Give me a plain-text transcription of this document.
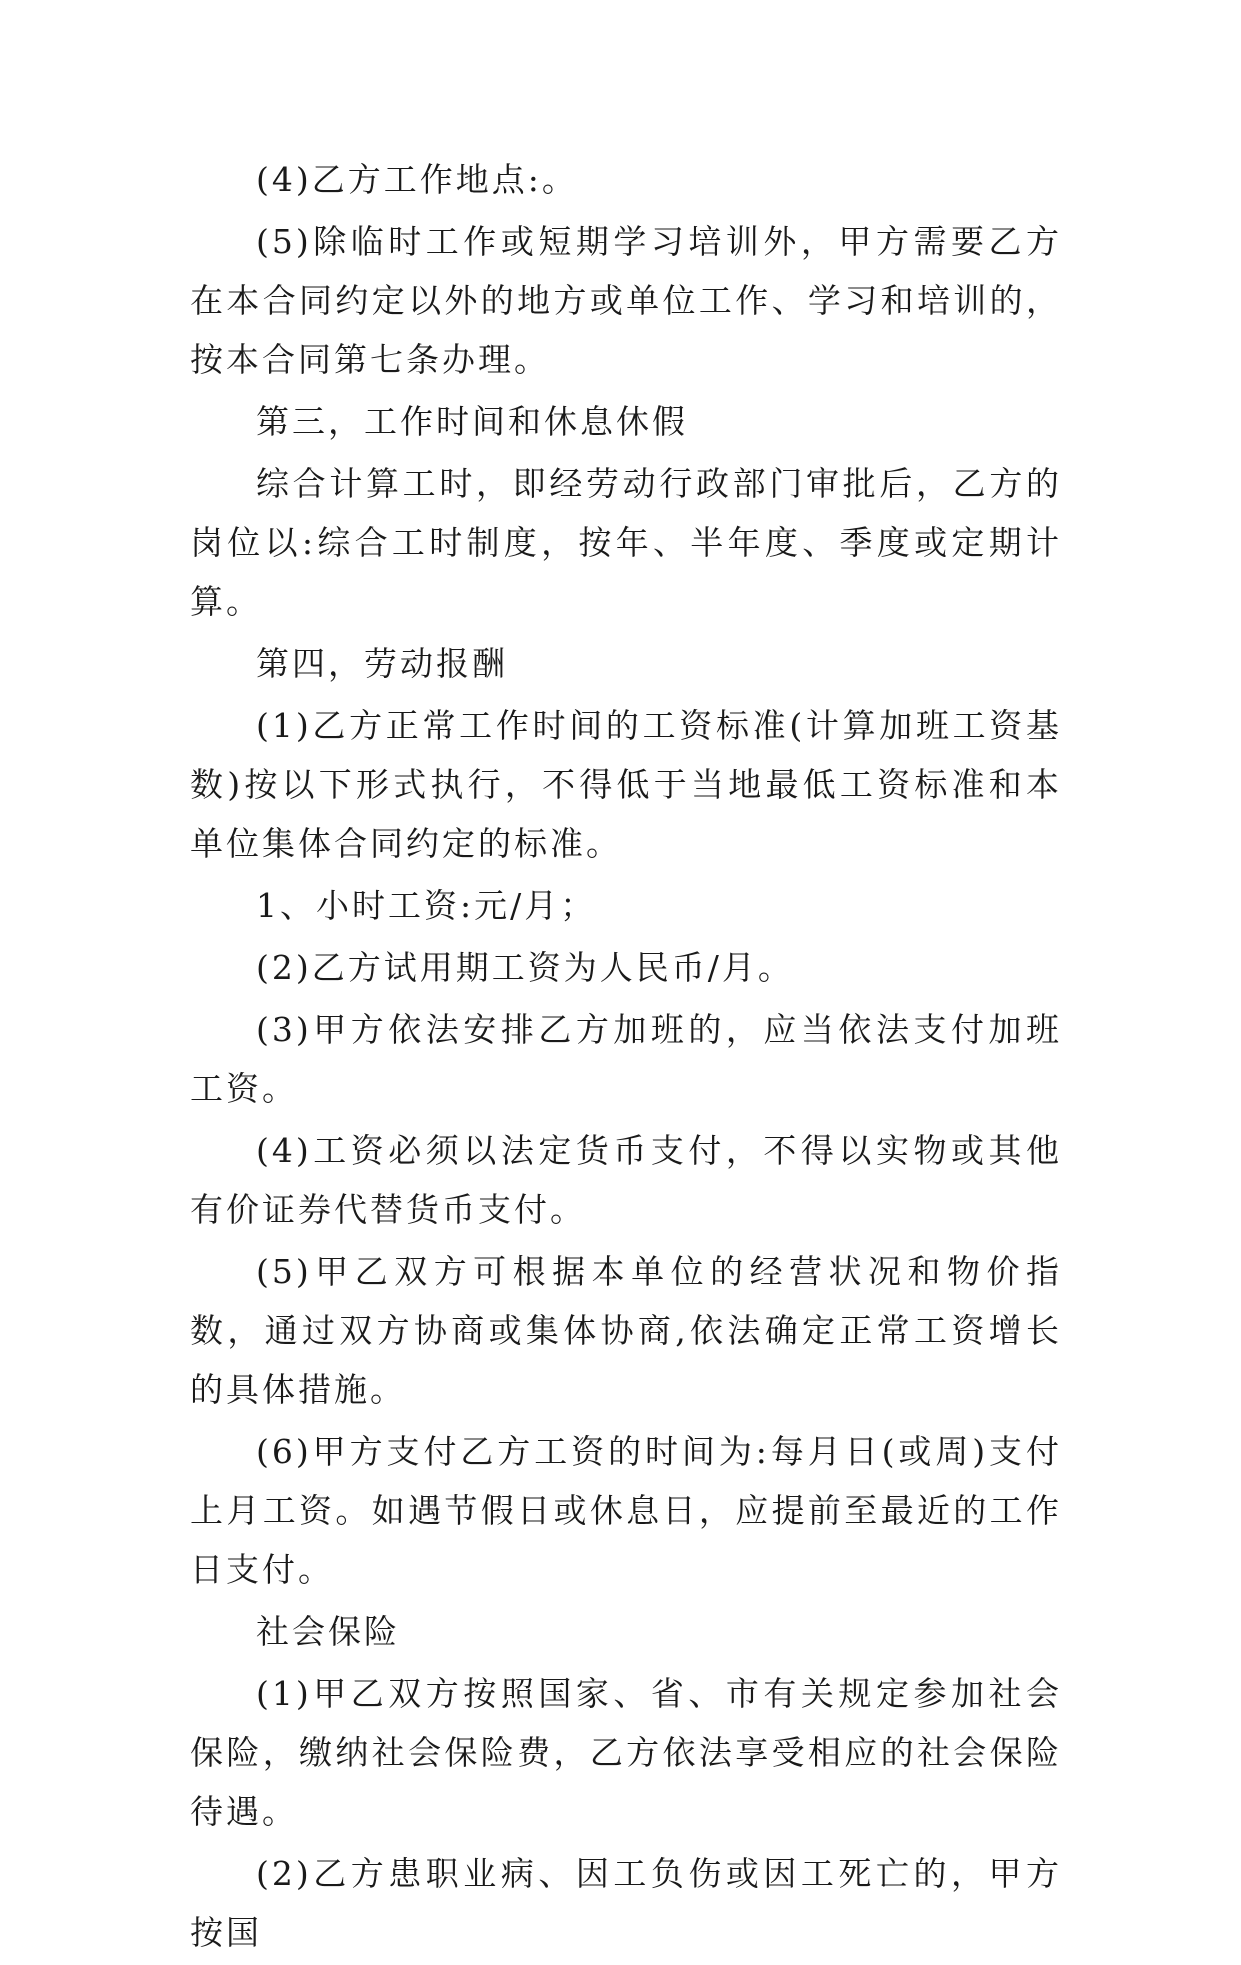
(4)乙方工作地点:。

(5)除临时工作或短期学习培训外，甲方需要乙方在本合同约定以外的地方或单位工作、学习和培训的，按本合同第七条办理。

第三，工作时间和休息休假

综合计算工时，即经劳动行政部门审批后，乙方的岗位以:综合工时制度，按年、半年度、季度或定期计算。

第四，劳动报酬

(1)乙方正常工作时间的工资标准(计算加班工资基数)按以下形式执行，不得低于当地最低工资标准和本单位集体合同约定的标准。

1、小时工资:元/月；

(2)乙方试用期工资为人民币/月。

(3)甲方依法安排乙方加班的，应当依法支付加班工资。

(4)工资必须以法定货币支付，不得以实物或其他有价证券代替货币支付。

(5)甲乙双方可根据本单位的经营状况和物价指数，通过双方协商或集体协商,依法确定正常工资增长的具体措施。

(6)甲方支付乙方工资的时间为:每月日(或周)支付上月工资。如遇节假日或休息日，应提前至最近的工作日支付。

社会保险

(1)甲乙双方按照国家、省、市有关规定参加社会保险，缴纳社会保险费，乙方依法享受相应的社会保险待遇。

(2)乙方患职业病、因工负伤或因工死亡的，甲方按国
